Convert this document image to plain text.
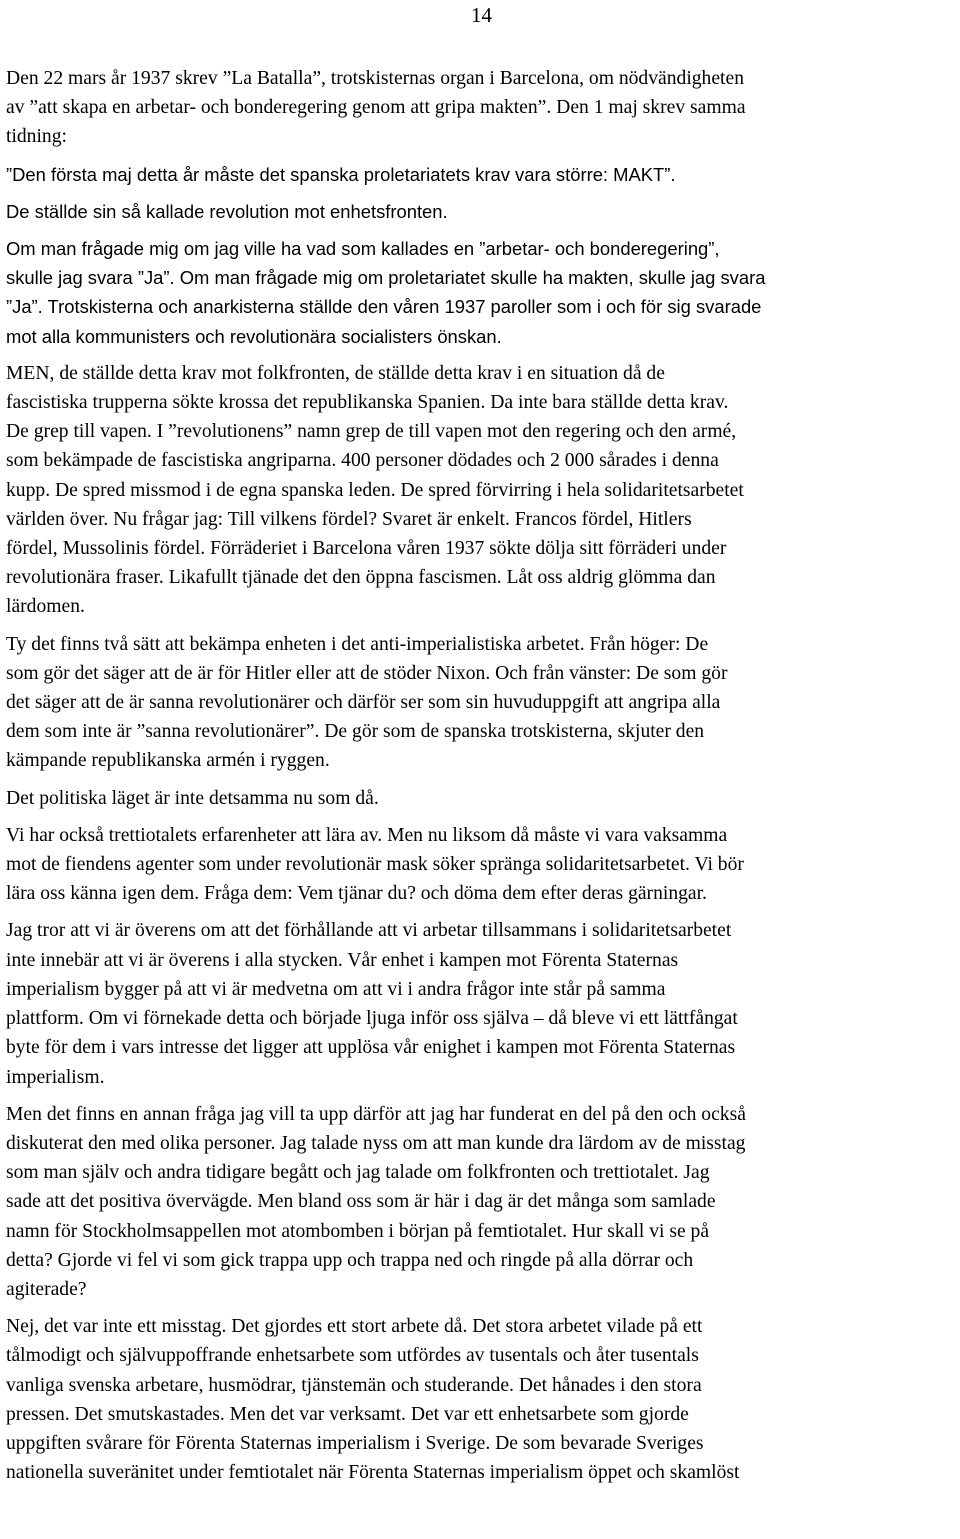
14
Den 22 mars år 1937 skrev ”La Batalla”, trotskisternas organ i Barcelona, om nödvändigheten
av ”att skapa en arbetar- och bonderegering genom att gripa makten”. Den 1 maj skrev samma
tidning:
”Den första maj detta år måste det spanska proletariatets krav vara större: MAKT”.
De ställde sin så kallade revolution mot enhetsfronten.
Om man frågade mig om jag ville ha vad som kallades en ”arbetar- och bonderegering”,
skulle jag svara ”Ja”. Om man frågade mig om proletariatet skulle ha makten, skulle jag svara
”Ja”. Trotskisterna och anarkisterna ställde den våren 1937 paroller som i och för sig svarade
mot alla kommunisters och revolutionära socialisters önskan.
MEN, de ställde detta krav mot folkfronten, de ställde detta krav i en situation då de
fascistiska trupperna sökte krossa det republikanska Spanien. Da inte bara ställde detta krav.
De grep till vapen. I ”revolutionens” namn grep de till vapen mot den regering och den armé,
som bekämpade de fascistiska angriparna. 400 personer dödades och 2 000 sårades i denna
kupp. De spred missmod i de egna spanska leden. De spred förvirring i hela solidaritetsarbetet
världen över. Nu frågar jag: Till vilkens fördel? Svaret är enkelt. Francos fördel, Hitlers
fördel, Mussolinis fördel. Förräderiet i Barcelona våren 1937 sökte dölja sitt förräderi under
revolutionära fraser. Likafullt tjänade det den öppna fascismen. Låt oss aldrig glömma dan
lärdomen.
Ty det finns två sätt att bekämpa enheten i det anti-imperialistiska arbetet. Från höger: De
som gör det säger att de är för Hitler eller att de stöder Nixon. Och från vänster: De som gör
det säger att de är sanna revolutionärer och därför ser som sin huvuduppgift att angripa alla
dem som inte är ”sanna revolutionärer”. De gör som de spanska trotskisterna, skjuter den
kämpande republikanska armén i ryggen.
Det politiska läget är inte detsamma nu som då.
Vi har också trettiotalets erfarenheter att lära av. Men nu liksom då måste vi vara vaksamma
mot de fiendens agenter som under revolutionär mask söker spränga solidaritetsarbetet. Vi bör
lära oss känna igen dem. Fråga dem: Vem tjänar du? och döma dem efter deras gärningar.
Jag tror att vi är överens om att det förhållande att vi arbetar tillsammans i solidaritetsarbetet
inte innebär att vi är överens i alla stycken. Vår enhet i kampen mot Förenta Staternas
imperialism bygger på att vi är medvetna om att vi i andra frågor inte står på samma
plattform. Om vi förnekade detta och började ljuga inför oss själva – då bleve vi ett lättfångat
byte för dem i vars intresse det ligger att upplösa vår enighet i kampen mot Förenta Staternas
imperialism.
Men det finns en annan fråga jag vill ta upp därför att jag har funderat en del på den och också
diskuterat den med olika personer. Jag talade nyss om att man kunde dra lärdom av de misstag
som man själv och andra tidigare begått och jag talade om folkfronten och trettiotalet. Jag
sade att det positiva övervägde. Men bland oss som är här i dag är det många som samlade
namn för Stockholmsappellen mot atombomben i början på femtiotalet. Hur skall vi se på
detta? Gjorde vi fel vi som gick trappa upp och trappa ned och ringde på alla dörrar och
agiterade?
Nej, det var inte ett misstag. Det gjordes ett stort arbete då. Det stora arbetet vilade på ett
tålmodigt och självuppoffrande enhetsarbete som utfördes av tusentals och åter tusentals
vanliga svenska arbetare, husmödrar, tjänstemän och studerande. Det hånades i den stora
pressen. Det smutskastades. Men det var verksamt. Det var ett enhetsarbete som gjorde
uppgiften svårare för Förenta Staternas imperialism i Sverige. De som bevarade Sveriges
nationella suveränitet under femtiotalet när Förenta Staternas imperialism öppet och skamlöst
